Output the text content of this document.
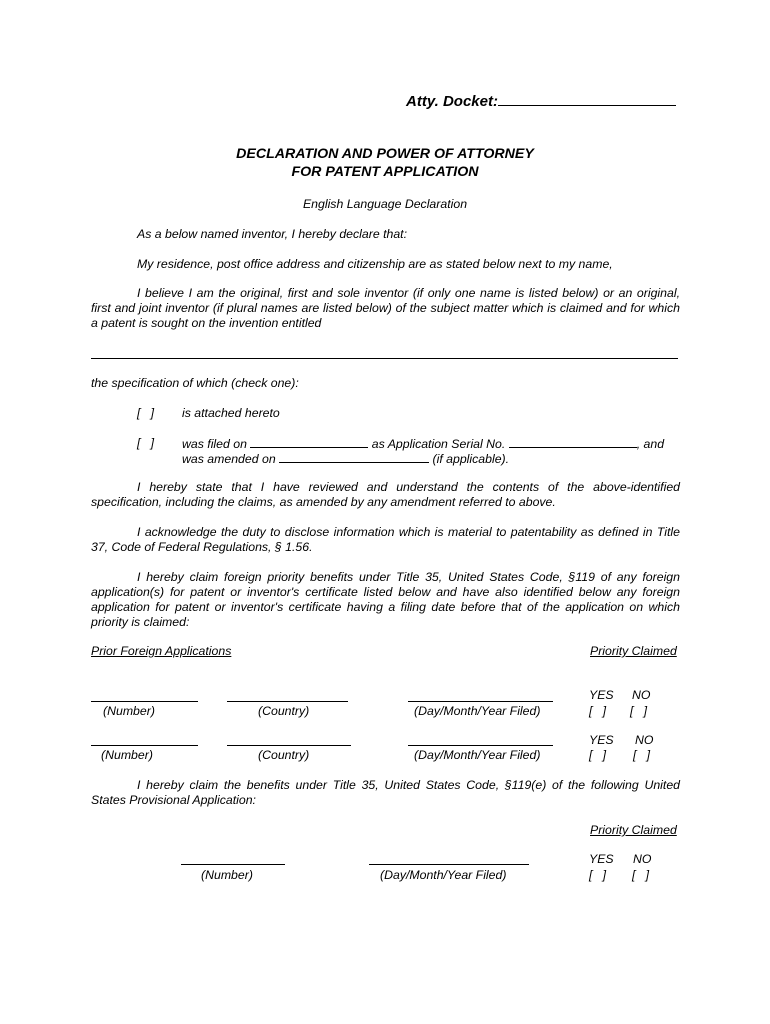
Atty. Docket:
DECLARATION AND POWER OF ATTORNEY
FOR PATENT APPLICATION
English Language Declaration
As a below named inventor, I hereby declare that:
My residence, post office address and citizenship are as stated below next to my name,
I believe I am the original, first and sole inventor (if only one name is listed below) or an original, first and joint inventor (if plural names are listed below) of the subject matter which is claimed and for which a patent is sought on the invention entitled
the specification of which (check one):
[   ] is attached hereto
[   ] was filed on	as Application Serial No.	, and
was amended on	(if applicable).
I hereby state that I have reviewed and understand the contents of the above-identified specification, including the claims, as amended by any amendment referred to above.
I acknowledge the duty to disclose information which is material to patentability as defined in Title 37, Code of Federal Regulations, § 1.56.
I hereby claim foreign priority benefits under Title 35, United States Code, §119 of any foreign application(s) for patent or inventor's certificate listed below and have also identified below any foreign application for patent or inventor's certificate having a filing date before that of the application on which priority is claimed:
Prior Foreign Applications	Priority Claimed
YES NO
(Number)	(Country)	(Day/Month/Year Filed)	[   ] [   ]
YES NO
(Number)	(Country)	(Day/Month/Year Filed)	[   ] [   ]
I hereby claim the benefits under Title 35, United States Code, §119(e) of the following United States Provisional Application:
Priority Claimed
YES NO
(Number)	(Day/Month/Year Filed)	[   ] [   ]
